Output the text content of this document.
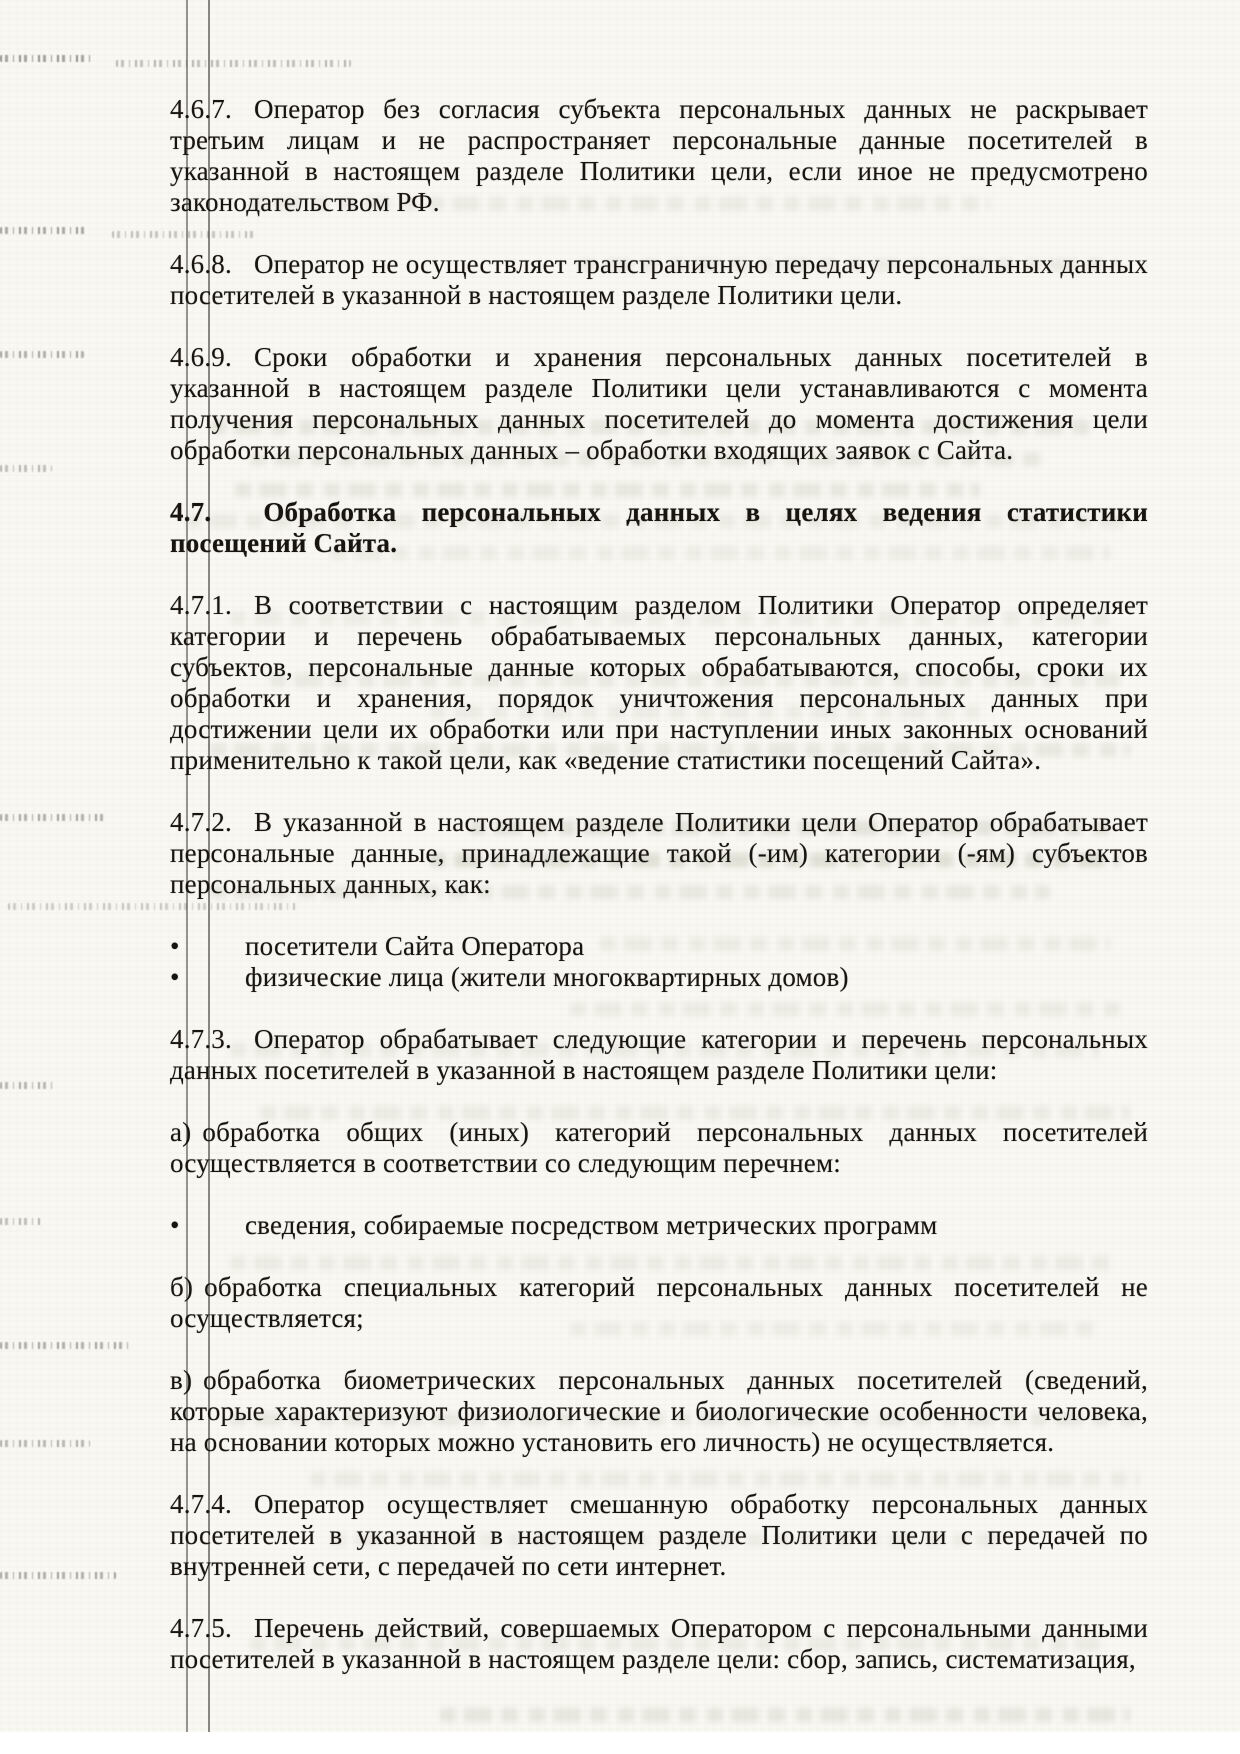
4.6.7. Оператор без согласия субъекта персональных данных не раскрывает третьим лицам и не распространяет персональные данные посетителей в указанной в настоящем разделе Политики цели, если иное не предусмотрено законодательством РФ.

4.6.8. Оператор не осуществляет трансграничную передачу персональных данных посетителей в указанной в настоящем разделе Политики цели.

4.6.9. Сроки обработки и хранения персональных данных посетителей в указанной в настоящем разделе Политики цели устанавливаются с момента получения персональных данных посетителей до момента достижения цели обработки персональных данных – обработки входящих заявок с Сайта.

4.7. Обработка персональных данных в целях ведения статистики посещений Сайта.

4.7.1. В соответствии с настоящим разделом Политики Оператор определяет категории и перечень обрабатываемых персональных данных, категории субъектов, персональные данные которых обрабатываются, способы, сроки их обработки и хранения, порядок уничтожения персональных данных при достижении цели их обработки или при наступлении иных законных оснований применительно к такой цели, как «ведение статистики посещений Сайта».

4.7.2. В указанной в настоящем разделе Политики цели Оператор обрабатывает персональные данные, принадлежащие такой (-им) категории (-ям) субъектов персональных данных, как:

•	посетители Сайта Оператора

•	физические лица (жители многоквартирных домов)

4.7.3. Оператор обрабатывает следующие категории и перечень персональных данных посетителей в указанной в настоящем разделе Политики цели:

а) обработка общих (иных) категорий персональных данных посетителей осуществляется в соответствии со следующим перечнем:

•	сведения, собираемые посредством метрических программ

б) обработка специальных категорий персональных данных посетителей не осуществляется;

в) обработка биометрических персональных данных посетителей (сведений, которые характеризуют физиологические и биологические особенности человека, на основании которых можно установить его личность) не осуществляется.

4.7.4. Оператор осуществляет смешанную обработку персональных данных посетителей в указанной в настоящем разделе Политики цели с передачей по внутренней сети, с передачей по сети интернет.

4.7.5. Перечень действий, совершаемых Оператором с персональными данными посетителей в указанной в настоящем разделе цели: сбор, запись, систематизация,
